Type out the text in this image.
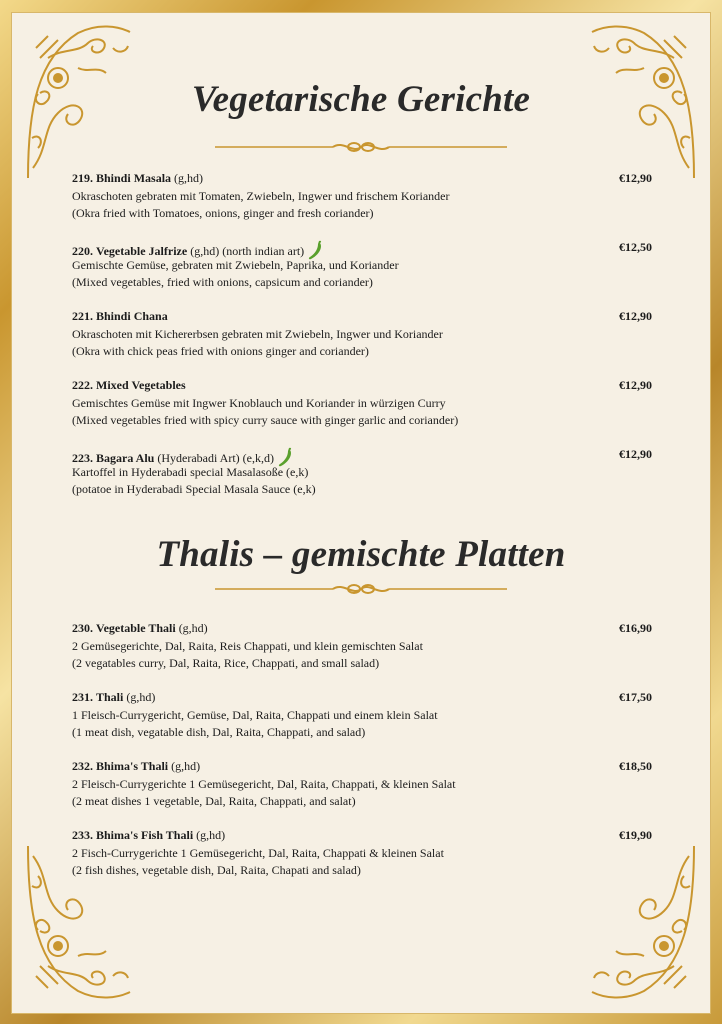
Vegetarische Gerichte
219. Bhindi Masala (g,hd)	€12,90
Okraschoten gebraten mit Tomaten, Zwiebeln, Ingwer und frischem Koriander
(Okra fried with Tomatoes, onions, ginger and fresh coriander)
220. Vegetable Jalfrize (g,hd) (north indian art)	€12,50
Gemischte Gemüse, gebraten mit Zwiebeln, Paprika, und Koriander
(Mixed vegetables, fried with onions, capsicum and coriander)
221. Bhindi Chana	€12,90
Okraschoten mit Kichererbsen gebraten mit Zwiebeln, Ingwer und Koriander
(Okra with chick peas fried with onions ginger and coriander)
222. Mixed Vegetables	€12,90
Gemischtes Gemüse mit Ingwer Knoblauch und Koriander in würzigen Curry
(Mixed vegetables fried with spicy curry sauce with ginger garlic and coriander)
223. Bagara Alu (Hyderabadi Art) (e,k,d)	€12,90
Kartoffel in Hyderabadi special Masalasoße (e,k)
(potatoe in Hyderabadi Special Masala Sauce (e,k)
Thalis – gemischte Platten
230. Vegetable Thali (g,hd)	€16,90
2 Gemüsegerichte, Dal, Raita, Reis Chappati, und klein gemischten Salat
(2 vegatables curry, Dal, Raita, Rice, Chappati, and small salad)
231. Thali (g,hd)	€17,50
1 Fleisch-Currygericht, Gemüse, Dal, Raita, Chappati und einem klein Salat
(1 meat dish, vegatable dish, Dal, Raita, Chappati, and salad)
232. Bhima's Thali (g,hd)	€18,50
2 Fleisch-Currygerichte 1 Gemüsegericht, Dal, Raita, Chappati, & kleinen Salat
(2 meat dishes 1 vegetable, Dal, Raita, Chappati, and salat)
233. Bhima's Fish Thali (g,hd)	€19,90
2 Fisch-Currygerichte 1 Gemüsegericht, Dal, Raita, Chappati & kleinen Salat
(2 fish dishes, vegetable dish, Dal, Raita, Chapati and salad)
